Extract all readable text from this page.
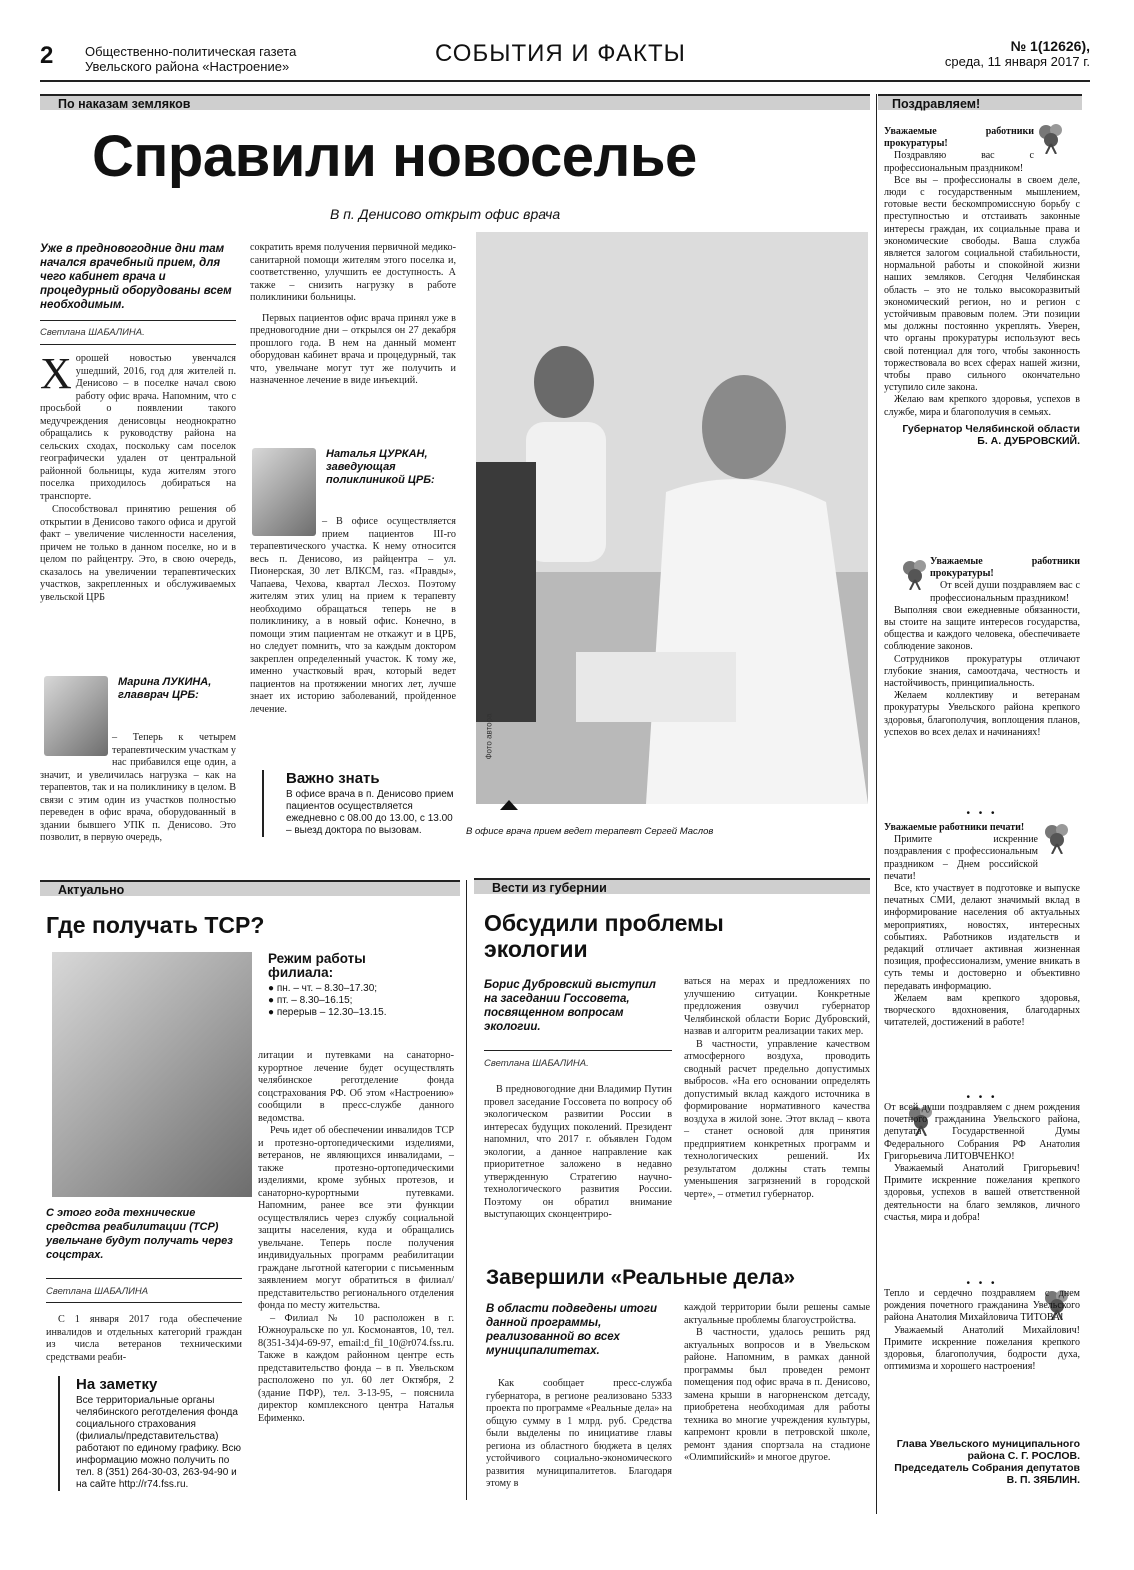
2 Общественно-политическая газета
Увельского района «Настроение»	СОБЫТИЯ И ФАКТЫ	№ 1(12626),
среда, 11 января 2017 г.
По наказам земляков
Справили новоселье
В п. Денисово открыт офис врача

Уже в предновогодние дни там начался врачебный прием, для чего кабинет врача и процедурный оборудованы всем необходимым.

Светлана ШАБАЛИНА.

Х орошей новостью увенчался ушедший, 2016, год для жителей п. Денисово – в поселке начал свою работу офис врача. Напомним, что с просьбой о появлении такого медучреждения денисовцы неоднократно обращались к руководству района на сельских сходах, поскольку сам поселок географически удален от центральной районной больницы, куда жителям этого поселка приходилось добираться на транспорте.

Способствовал принятию решения об открытии в Денисово такого офиса и другой факт – увеличение численности населения, причем не только в данном поселке, но и в целом по райцентру. Это, в свою очередь, сказалось на увеличении терапевтических участков, закрепленных и обслуживаемых увельской ЦРБ

Марина ЛУКИНА,
главврач ЦРБ:
– Теперь к четырем терапевтическим участкам у нас прибавился еще один, а значит, и увеличилась нагрузка – как на терапевтов, так и на поликлинику в целом. В связи с этим один из участков полностью переведен в офис врача, оборудованный в здании бывшего УПК п. Денисово. Это позволит, в первую очередь,

сократить время получения первичной медико-санитарной помощи жителям этого поселка и, соответственно, улучшить ее доступность. А также – снизить нагрузку в работе поликлиники больницы.

Первых пациентов офис врача принял уже в предновогодние дни – открылся он 27 декабря прошлого года. В нем на данный момент оборудован кабинет врача и процедурный, так что, увельчане могут тут же получить и назначенное лечение в виде инъекций.

Наталья ЦУРКАН,
заведующая поликлиникой ЦРБ:
– В офисе осуществляется прием пациентов III-го терапевтического участка. К нему относится весь п. Денисово, из райцентра – ул. Пионерская, 30 лет ВЛКСМ, газ. «Правды», Чапаева, Чехова, квартал Лесхоз. Поэтому жителям этих улиц на прием к терапевту необходимо обращаться теперь не в поликлинику, а в новый офис. Конечно, в помощи этим пациентам не откажут и в ЦРБ, но следует помнить, что за каждым доктором закреплен определенный участок. К тому же, именно участковый врач, который ведет пациентов на протяжении многих лет, лучше знает их историю заболеваний, пройденное лечение.
Важно знать
В офисе врача в п. Денисово прием пациентов осуществляется ежедневно с 08.00 до 13.00, с 13.00 – выезд доктора по вызовам.
Фото автора
В офисе врача прием ведет терапевт Сергей Маслов
Актуально
Где получать ТСР?
Режим работы филиала:
● пн. – чт. – 8.30–17.30;
● пт. – 8.30–16.15;
● перерыв – 12.30–13.15.
С этого года технические средства реабилитации (ТСР) увельчане будут получать через соцстрах.
Светлана ШАБАЛИНА

С 1 января 2017 года обеспечение инвалидов и отдельных категорий граждан из числа ветеранов техническими средствами реаби-

На заметку
Все территориальные органы челябинского реготделения фонда социального страхования (филиалы/представительства) работают по единому графику. Всю информацию можно получить по тел. 8 (351) 264-30-03, 263-94-90 и на сайте http://r74.fss.ru.

литации и путевками на санаторно-курортное лечение будет осуществлять челябинское реготделение фонда соцстрахования РФ. Об этом «Настроению» сообщили в пресс-службе данного ведомства.

Речь идет об обеспечении инвалидов ТСР и протезно-ортопедическими изделиями, ветеранов, не являющихся инвалидами, – также протезно-ортопедическими изделиями, кроме зубных протезов, и санаторно-курортными путевками. Напомним, ранее все эти функции осуществлялись через службу социальной защиты населения, куда и обращались увельчане. Теперь после получения индивидуальных программ реабилитации граждане льготной категории с письменным заявлением могут обратиться в филиал/представительство регионального отделения фонда по месту жительства.

– Филиал № 10 расположен в г. Южноуральске по ул. Космонавтов, 10, тел. 8(351-34)4-69-97, email:d_fil_10@r074.fss.ru. Также в каждом районном центре есть представительство фонда – в п. Увельском расположено по ул. 60 лет Октября, 2 (здание ПФР), тел. 3-13-95, – пояснила директор комплексного центра Наталья Ефименко.

Вести из губернии
Обсудили проблемы экологии
Борис Дубровский выступил на заседании Госсовета, посвященном вопросам экологии.
Светлана ШАБАЛИНА.

В предновогодние дни Владимир Путин провел заседание Госсовета по вопросу об экологическом развитии России в интересах будущих поколений. Президент напомнил, что 2017 г. объявлен Годом экологии, а данное направление как приоритетное заложено в недавно утвержденную Стратегию научно-технологического развития России. Поэтому он обратил внимание выступающих сконцентриро-

ваться на мерах и предложениях по улучшению ситуации. Конкретные предложения озвучил губернатор Челябинской области Борис Дубровский, назвав и алгоритм реализации таких мер.

В частности, управление качеством атмосферного воздуха, проводить сводный расчет предельно допустимых выбросов. «На его основании определять допустимый вклад каждого источника в формирование нормативного качества воздуха в жилой зоне. Этот вклад – квота – станет основой для принятия предприятием конкретных программ и технологических решений. Их результатом должны стать темпы уменьшения загрязнений в городской черте», – отметил губернатор.

Завершили «Реальные дела»
В области подведены итоги данной программы, реализованной во всех муниципалитетах.

Как сообщает пресс-служба губернатора, в регионе реализовано 5333 проекта по программе «Реальные дела» на общую сумму в 1 млрд. руб. Средства были выделены по инициативе главы региона из областного бюджета в целях устойчивого социально-экономического развития муниципалитетов. Благодаря этому в

каждой территории были решены самые актуальные проблемы благоустройства.

В частности, удалось решить ряд актуальных вопросов и в Увельском районе. Напомним, в рамках данной программы был проведен ремонт помещения под офис врача в п. Денисово, замена крыши в нагорненском детсаду, приобретена необходимая для работы техника во многие учреждения культуры, капремонт кровли в петровской школе, ремонт здания спортзала на стадионе «Олимпийский» и многое другое.

Поздравляем!

Уважаемые работники прокуратуры!

Поздравляю вас с профессиональным праздником!

Все вы – профессионалы в своем деле, люди с государственным мышлением, готовые вести бескомпромиссную борьбу с преступностью и отстаивать законные интересы граждан, их социальные права и экономические свободы. Ваша служба является залогом социальной стабильности, нормальной работы и спокойной жизни наших земляков. Сегодня Челябинская область – это не только высокоразвитый экономический регион, но и регион с устойчивым правовым полем. Эти позиции мы должны постоянно укреплять. Уверен, что органы прокуратуры используют весь свой потенциал для того, чтобы законность торжествовала во всех сферах нашей жизни, чтобы право сильного окончательно уступило силе закона.

Желаю вам крепкого здоровья, успехов в службе, мира и благополучия в семьях.

Губернатор Челябинской области Б. А. ДУБРОВСКИЙ.

Уважаемые работники прокуратуры!

От всей души поздравляем вас с профессиональным праздником!

Выполняя свои ежедневные обязанности, вы стоите на защите интересов государства, общества и каждого человека, обеспечиваете соблюдение законов.

Сотрудников прокуратуры отличают глубокие знания, самоотдача, честность и настойчивость, принципиальность.

Желаем коллективу и ветеранам прокуратуры Увельского района крепкого здоровья, благополучия, воплощения планов, успехов во всех делах и начинаниях!

• • •

Уважаемые работники печати!

Примите искренние поздравления с профессиональным праздником – Днем российской печати!

Все, кто участвует в подготовке и выпуске печатных СМИ, делают значимый вклад в информирование населения об актуальных мероприятиях, новостях, интересных событиях. Работников издательств и редакций отличает активная жизненная позиция, профессионализм, умение вникать в суть темы и достоверно и объективно передавать информацию.

Желаем вам крепкого здоровья, творческого вдохновения, благодарных читателей, достижений в работе!

• • •

От всей души поздравляем с днем рождения почетного гражданина Увельского района, депутата Государственной Думы Федерального Собрания РФ Анатолия Григорьевича ЛИТОВЧЕНКО!

Уважаемый Анатолий Григорьевич! Примите искренние пожелания крепкого здоровья, успехов в вашей ответственной деятельности на благо земляков, личного счастья, мира и добра!

• • •

Тепло и сердечно поздравляем с днем рождения почетного гражданина Увельского района Анатолия Михайловича ТИТОВА!

Уважаемый Анатолий Михайлович! Примите искренние пожелания крепкого здоровья, благополучия, бодрости духа, оптимизма и хорошего настроения!

Глава Увельского муниципального района С. Г. РОСЛОВ.

Председатель Собрания депутатов В. П. ЗЯБЛИН.
